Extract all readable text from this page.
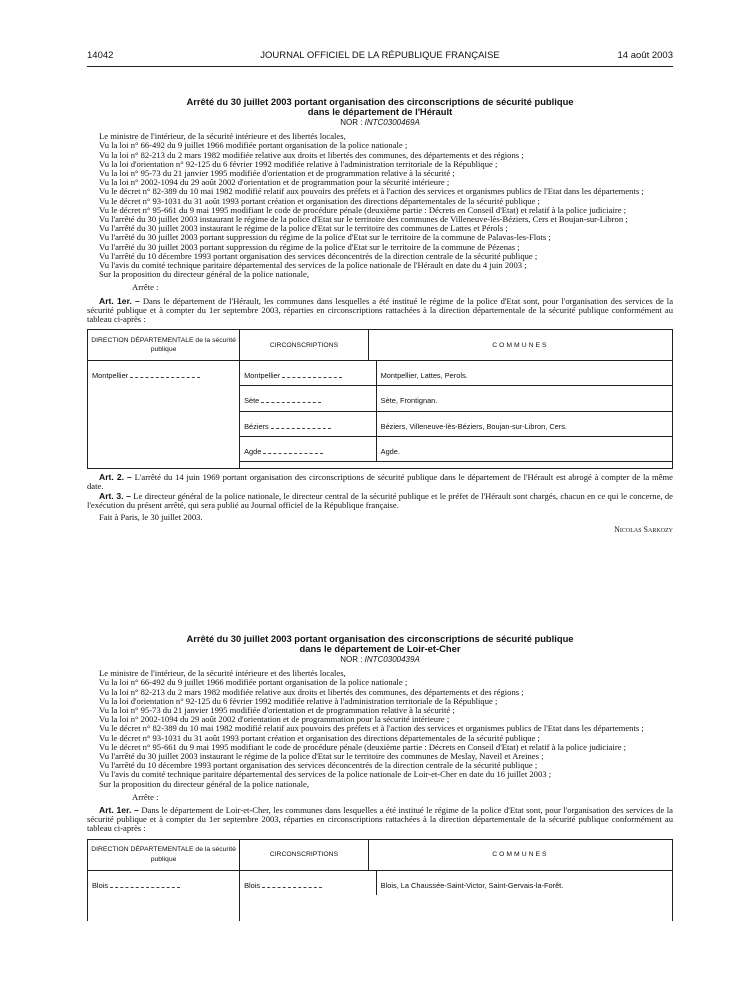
14042	JOURNAL OFFICIEL DE LA RÉPUBLIQUE FRANÇAISE	14 août 2003
Arrêté du 30 juillet 2003 portant organisation des circonscriptions de sécurité publique
dans le département de l'Hérault
NOR : INTC0300469A

Le ministre de l'intérieur, de la sécurité intérieure et des libertés locales,

Vu la loi n° 66-492 du 9 juillet 1966 modifiée portant organisation de la police nationale ;

Vu la loi n° 82-213 du 2 mars 1982 modifiée relative aux droits et libertés des communes, des départements et des régions ;

Vu la loi d'orientation n° 92-125 du 6 février 1992 modifiée relative à l'administration territoriale de la République ;

Vu la loi n° 95-73 du 21 janvier 1995 modifiée d'orientation et de programmation relative à la sécurité ;

Vu la loi n° 2002-1094 du 29 août 2002 d'orientation et de programmation pour la sécurité intérieure ;

Vu le décret n° 82-389 du 10 mai 1982 modifié relatif aux pouvoirs des préfets et à l'action des services et organismes publics de l'Etat dans les départements ;

Vu le décret n° 93-1031 du 31 août 1993 portant création et organisation des directions départementales de la sécurité publique ;

Vu le décret n° 95-661 du 9 mai 1995 modifiant le code de procédure pénale (deuxième partie : Décrets en Conseil d'Etat) et relatif à la police judiciaire ;

Vu l'arrêté du 30 juillet 2003 instaurant le régime de la police d'Etat sur le territoire des communes de Villeneuve-lès-Béziers, Cers et Boujan-sur-Libron ;

Vu l'arrêté du 30 juillet 2003 instaurant le régime de la police d'Etat sur le territoire des communes de Lattes et Pérols ;

Vu l'arrêté du 30 juillet 2003 portant suppression du régime de la police d'Etat sur le territoire de la commune de Palavas-les-Flots ;

Vu l'arrêté du 30 juillet 2003 portant suppression du régime de la police d'Etat sur le territoire de la commune de Pézenas ;

Vu l'arrêté du 10 décembre 1993 portant organisation des services déconcentrés de la direction centrale de la sécurité publique ;

Vu l'avis du comité technique paritaire départemental des services de la police nationale de l'Hérault en date du 4 juin 2003 ;

Sur la proposition du directeur général de la police nationale,

Arrête :

Art. 1er. – Dans le département de l'Hérault, les communes dans lesquelles a été institué le régime de la police d'Etat sont, pour l'organisation des services de la sécurité publique et à compter du 1er septembre 2003, réparties en circonscriptions rattachées à la direction départementale de la sécurité publique conformément au tableau ci-après :

DIRECTION DÉPARTEMENTALE de la sécurité publique	CIRCONSCRIPTIONS	COMMUNES
Montpellier		Montpellier	Montpellier, Lattes, Perols.
Sète	Sète, Frontignan.
Béziers	Béziers, Villeneuve-lès-Béziers, Boujan-sur-Libron, Cers.
Agde	Agde.

Art. 2. – L'arrêté du 14 juin 1969 portant organisation des circonscriptions de sécurité publique dans le département de l'Hérault est abrogé à compter de la même date.

Art. 3. – Le directeur général de la police nationale, le directeur central de la sécurité publique et le préfet de l'Hérault sont chargés, chacun en ce qui le concerne, de l'exécution du présent arrêté, qui sera publié au Journal officiel de la République française.

Fait à Paris, le 30 juillet 2003.
Nicolas Sarkozy
Arrêté du 30 juillet 2003 portant organisation des circonscriptions de sécurité publique
dans le département de Loir-et-Cher
NOR : INTC0300439A

Le ministre de l'intérieur, de la sécurité intérieure et des libertés locales,

Vu la loi n° 66-492 du 9 juillet 1966 modifiée portant organisation de la police nationale ;

Vu la loi n° 82-213 du 2 mars 1982 modifiée relative aux droits et libertés des communes, des départements et des régions ;

Vu la loi d'orientation n° 92-125 du 6 février 1992 modifiée relative à l'administration territoriale de la République ;

Vu la loi n° 95-73 du 21 janvier 1995 modifiée d'orientation et de programmation relative à la sécurité ;

Vu la loi n° 2002-1094 du 29 août 2002 d'orientation et de programmation pour la sécurité intérieure ;

Vu le décret n° 82-389 du 10 mai 1982 modifié relatif aux pouvoirs des préfets et à l'action des services et organismes publics de l'Etat dans les départements ;

Vu le décret n° 93-1031 du 31 août 1993 portant création et organisation des directions départementales de la sécurité publique ;

Vu le décret n° 95-661 du 9 mai 1995 modifiant le code de procédure pénale (deuxième partie : Décrets en Conseil d'Etat) et relatif à la police judiciaire ;

Vu l'arrêté du 30 juillet 2003 instaurant le régime de la police d'Etat sur le territoire des communes de Meslay, Naveil et Areines ;

Vu l'arrêté du 10 décembre 1993 portant organisation des services déconcentrés de la direction centrale de la sécurité publique ;

Vu l'avis du comité technique paritaire départemental des services de la police nationale de Loir-et-Cher en date du 16 juillet 2003 ;

Sur la proposition du directeur général de la police nationale,

Arrête :

Art. 1er. – Dans le département de Loir-et-Cher, les communes dans lesquelles a été institué le régime de la police d'Etat sont, pour l'organisation des services de la sécurité publique et à compter du 1er septembre 2003, réparties en circonscriptions rattachées à la direction départementale de la sécurité publique conformément au tableau ci-après :

DIRECTION DÉPARTEMENTALE de la sécurité publique	CIRCONSCRIPTIONS	COMMUNES
Blois		Blois	Blois, La Chaussée-Saint-Victor, Saint-Gervais-la-Forêt.
